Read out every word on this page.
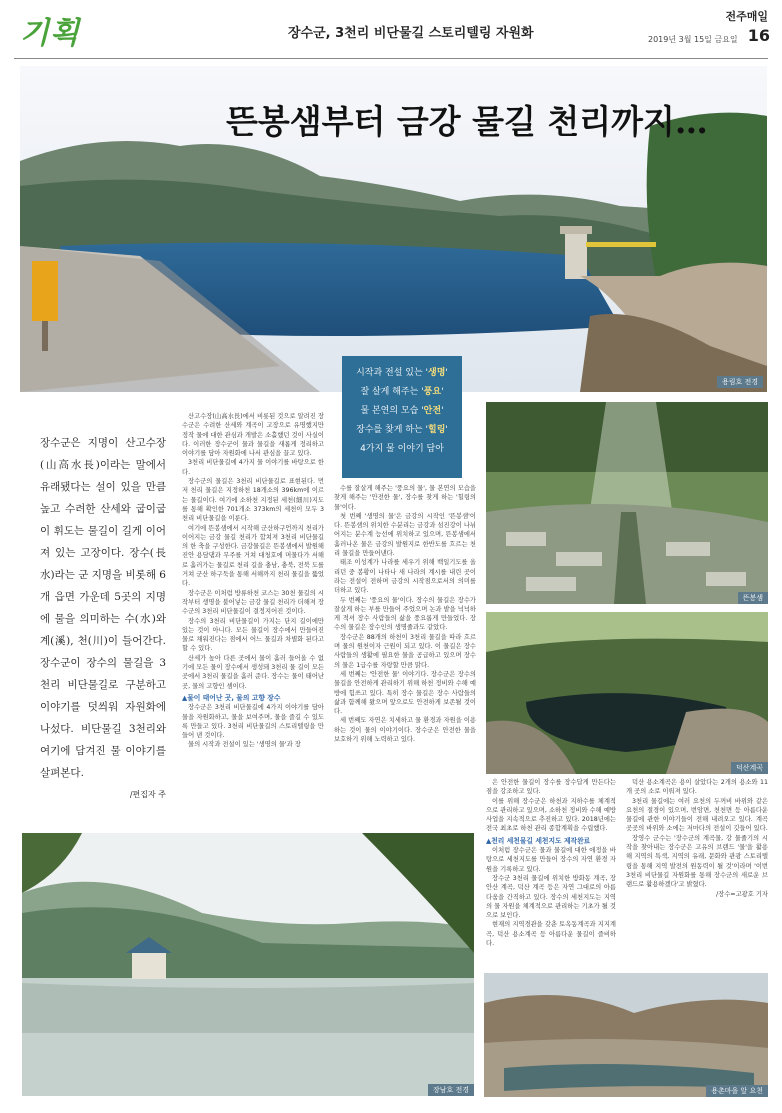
기획	장수군, 3천리 비단물길 스토리텔링 자원화
전주매일
2019년 3월 15일 금요일 16
용림호 전경
뜬봉샘부터 금강 물길 천리까지…
시작과 전설 있는 '생명'
잘 살게 해주는 '풍요'
물 본연의 모습 '안전'
장수를 찾게 하는 '힐링'
4가지 물 이야기 담아
장수군은 지명이 산고수장(山高水長)이라는 말에서 유래됐다는 설이 있을 만큼 높고 수려한 산세와 굽이굽이 휘도는 물길이 길게 이어져 있는 고장이다. 장수(長水)라는 군 지명을 비롯해 6개 읍면 가운데 5곳의 지명에 물을 의미하는 수(水)와 계(溪), 천(川)이 들어간다. 장수군이 장수의 물길을 3천리 비단물길로 구분하고 이야기를 덧씌워 자원화에 나섰다. 비단물길 3천리와 여기에 담겨진 물 이야기를 살펴본다.
/편집자 주

산고수장(山高水長)에서 비롯된 것으로 알려진 장수군은 수려한 산세와 계곡이 고장으로 유명했지만 정작 물에 대한 관심과 개발은 소홀했던 것이 사실이다. 이러한 장수군이 물과 물길을 새롭게 정리하고 이야기를 담아 자원화에 나서 관심을 끌고 있다.

3천리 비단물길에 4가지 물 이야기를 바탕으로 한다.

장수군의 물길은 3천리 비단물길로 표현된다. 먼저 천리 물길은 지정하천 18개소의 396km에 이르는 물길이다. 여기에 소하천 지정된 세천(細川)지도를 통해 확인한 701개소 373km의 세천이 모두 3천리 비단물길을 이룬다.

여기에 뜬봉샘에서 시작해 군산하구언까지 천리가 이어지는 금강 물길 천리가 합쳐져 3천리 비단물길의 한 축을 구성한다. 금강물길은 뜬봉샘에서 발원해 진안 용담댐과 무주를 거쳐 대청호에 머물다가 서해로 흘러가는 물길로 천리 길을 충남, 충북, 전북 도를 거쳐 군산 하구둑을 통해 서해까지 천리 물길을 뚫었다.

장수군은 이처럼 방류하천 코스는 30천 물길의 시작부터 생명을 불어넣는 금강 물길 천리가 더해져 장수군의 3천리 비단물길이 결정지어진 것이다.

장수의 3천리 비단물길이 가지는 단지 길이에만 있는 것이 아니다. 모든 물길이 장수에서 만들어진 물로 채워진다는 점에서 어느 물길과 차별화 된다고 할 수 있다.

산세가 높아 다른 곳에서 물이 흘러 들어올 수 없기에 모든 물이 장수에서 생성돼 3천리 물 길이 모든 곳에서 3천리 물길을 흘러 준다. 장수는 물이 태어난 곳, 물의 고향인 셈이다.

▲물이 태어난 곳, 물의 고향 장수

장수군은 3천리 비단물길에 4가지 이야기를 담아 물을 자원화하고, 물을 보여주며, 물을 즐길 수 있도록 만들고 있다. 3천리 비단물길의 스토리텔링을 만들어 낸 것이다.

물의 시작과 전설이 있는 '생명의 물'과 장

수를 잘살게 해주는 '풍요의 물', 물 본연의 모습을 찾게 해주는 '안전한 물', 장수를 찾게 하는 '힐링의 물'이다.

첫 번째 '생명의 물'은 금강의 시작인 '뜬봉샘'이다. 뜬봉샘의 위치한 수분리는 금강과 섬진강이 나뉘어지는 분수계 능선에 위치하고 있으며, 뜬봉샘에서 흘러나온 물은 금강의 발원지로 한반도를 흐르는 천리 물길을 만들어낸다.

태조 이성계가 나라를 세우기 위해 백일기도를 올리던 중 봉황이 나타나 새 나라의 계시를 내린 곳이라는 전설이 전하며 금강의 시작점으로서의 의미를 더하고 있다.

두 번째는 '풍요의 물'이다. 장수의 물길은 장수가 잘살게 하는 부를 만들어 주었으며 논과 밭을 넉넉하게 적셔 장수 사람들의 삶을 풍요롭게 만들었다. 장수의 물길은 장수인의 생명줄과도 같았다.

장수군은 88개의 하천이 3천리 물길을 따라 흐르며 물의 원천이자 근원이 되고 있다. 이 물길은 장수 사람들의 생활에 필요한 물을 공급하고 있으며 장수의 물은 1급수를 자랑할 만큼 맑다.

세 번째는 '안전한 물' 이야기다. 장수군은 장수의 물길을 안전하게 관리하기 위해 하천 정비와 수해 예방에 힘쓰고 있다. 특히 장수 물길은 장수 사람들의 삶과 함께해 왔으며 앞으로도 안전하게 보존될 것이다.

세 번째도 자연은 치세하고 물 환경과 자원을 이용하는 것이 물의 이야기이다. 장수군은 안전한 물을 보호하기 위해 노력하고 있다.

은 안전한 물길이 장수를 장수답게 만든다는 점을 강조하고 있다.

이를 위해 장수군은 하천과 지하수를 체계적으로 관리하고 있으며, 소하천 정비와 수해 예방 사업을 지속적으로 추진하고 있다. 2018년에는 전국 최초로 하천 관리 종합계획을 수립했다.

▲천리 세천물길 세천지도 제작완료

이처럼 장수군은 물과 물길에 대한 애정을 바탕으로 세천지도를 만들어 장수의 자연 환경 자원을 기록하고 있다.

장수군 3천리 물길에 위치한 방화동 계곡, 장안산 계곡, 덕산 계곡 등은 자연 그대로의 아름다움을 간직하고 있다. 장수의 세천지도는 지역의 물 자원을 체계적으로 관리하는 기초가 될 것으로 보인다.

현재의 지역경관을 갖춘 토옥동계곡과 지지계곡, 덕산 용소계곡 등 아름다운 물길이 즐비하다.

덕산 용소계곡은 용이 살았다는 2개의 용소와 11개 곳의 소로 이뤄져 있다.

3천리 물길에는 여러 요천의 두꺼비 바위와 같은 요천의 절경이 있으며, 번암면, 천천면 등 아름다운 물길에 관한 이야기들이 전해 내려오고 있다. 계곡 곳곳의 바위와 소에는 저마다의 전설이 깃들어 있다.

장영수 군수는 '장수군의 계곡물, 강 물줄기의 시작을 찾아내는 장수군은 고유의 브랜드 '물'을 활용해 지역의 특색, 지역의 유래, 문화와 관광 스토리텔링을 통해 지역 발전의 원동력이 될 것'이라며 '이번 3천리 비단물길 자원화를 통해 장수군의 새로운 브랜드로 활용하겠다'고 밝혔다.

/장수=고광호 기자

뜬봉샘
덕산계곡
장남호 전경	용촌마을 앞 요천
